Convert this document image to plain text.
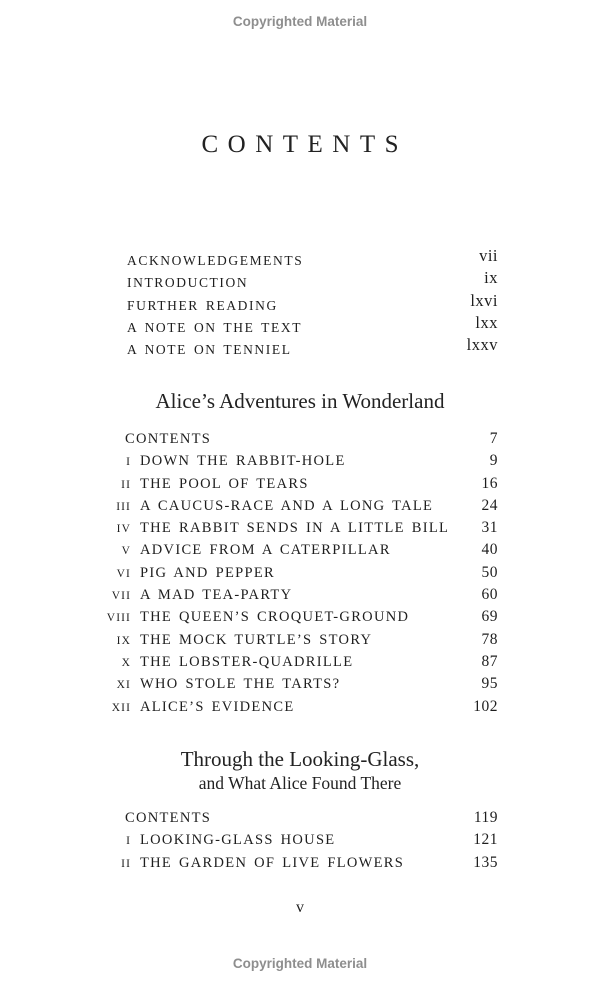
Copyrighted Material
CONTENTS
ACKNOWLEDGEMENTS	vii
INTRODUCTION	ix
FURTHER READING	lxvi
A NOTE ON THE TEXT	lxx
A NOTE ON TENNIEL	lxxv
Alice’s Adventures in Wonderland
CONTENTS	7
I DOWN THE RABBIT-HOLE	9
II THE POOL OF TEARS	16
III A CAUCUS-RACE AND A LONG TALE	24
IV THE RABBIT SENDS IN A LITTLE BILL 31
V ADVICE FROM A CATERPILLAR	40
VI PIG AND PEPPER	50
VII A MAD TEA-PARTY	60
VIII THE QUEEN’S CROQUET-GROUND	69
IX THE MOCK TURTLE’S STORY	78
X THE LOBSTER-QUADRILLE	87
XI WHO STOLE THE TARTS?	95
XII ALICE’S EVIDENCE	102
Through the Looking-Glass,
and What Alice Found There
CONTENTS	119
I LOOKING-GLASS HOUSE	121
II THE GARDEN OF LIVE FLOWERS	135
v
Copyrighted Material
